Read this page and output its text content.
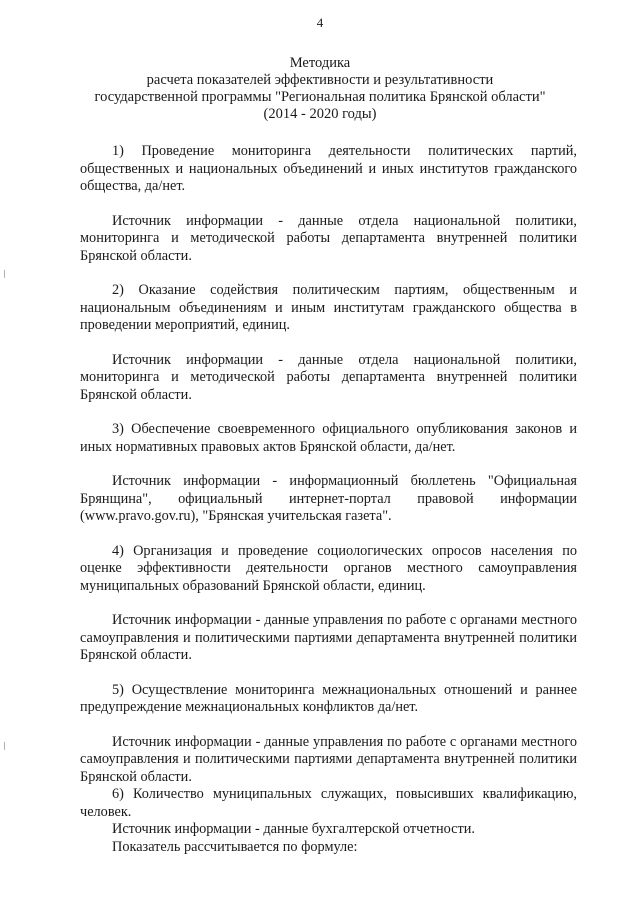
4
Методика
расчета показателей эффективности и результативности
государственной программы "Региональная политика Брянской области"
(2014 - 2020 годы)

1) Проведение мониторинга деятельности политических партий, общественных и национальных объединений и иных институтов гражданского общества, да/нет.

Источник информации - данные отдела национальной политики, мониторинга и методической работы департамента внутренней политики Брянской области.

2) Оказание содействия политическим партиям, общественным и национальным объединениям и иным институтам гражданского общества в проведении мероприятий, единиц.

Источник информации - данные отдела национальной политики, мониторинга и методической работы департамента внутренней политики Брянской области.

3) Обеспечение своевременного официального опубликования законов и иных нормативных правовых актов Брянской области, да/нет.

Источник информации - информационный бюллетень "Официальная Брянщина", официальный интернет-портал правовой информации (www.pravo.gov.ru), "Брянская учительская газета".

4) Организация и проведение социологических опросов населения по оценке эффективности деятельности органов местного самоуправления муниципальных образований Брянской области, единиц.

Источник информации - данные управления по работе с органами местного самоуправления и политическими партиями департамента внутренней политики Брянской области.

5) Осуществление мониторинга межнациональных отношений и раннее предупреждение межнациональных конфликтов да/нет.

Источник информации - данные управления по работе с органами местного самоуправления и политическими партиями департамента внутренней политики Брянской области.

6) Количество муниципальных служащих, повысивших квалификацию, человек.

Источник информации - данные бухгалтерской отчетности.

Показатель рассчитывается по формуле:
